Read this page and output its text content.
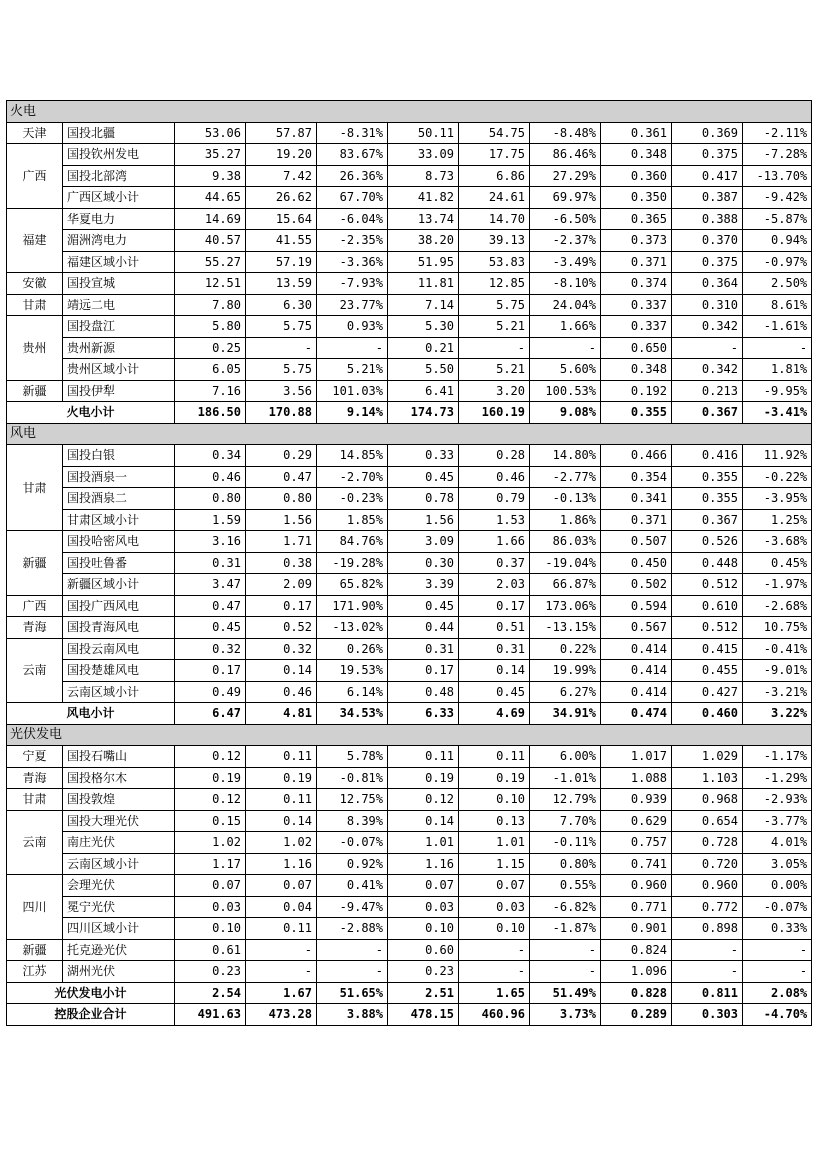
火电										
天津	国投北疆	53.06	57.87	-8.31%	50.11	54.75	-8.48%	0.361	0.369	-2.11%
广西	国投钦州发电	35.27	19.20	83.67%	33.09	17.75	86.46%	0.348	0.375	-7.28%
	国投北部湾	9.38	7.42	26.36%	8.73	6.86	27.29%	0.360	0.417	-13.70%
	广西区域小计	44.65	26.62	67.70%	41.82	24.61	69.97%	0.350	0.387	-9.42%
福建	华夏电力	14.69	15.64	-6.04%	13.74	14.70	-6.50%	0.365	0.388	-5.87%
	湄洲湾电力	40.57	41.55	-2.35%	38.20	39.13	-2.37%	0.373	0.370	0.94%
	福建区域小计	55.27	57.19	-3.36%	51.95	53.83	-3.49%	0.371	0.375	-0.97%
安徽	国投宣城	12.51	13.59	-7.93%	11.81	12.85	-8.10%	0.374	0.364	2.50%
甘肃	靖远二电	7.80	6.30	23.77%	7.14	5.75	24.04%	0.337	0.310	8.61%
贵州	国投盘江	5.80	5.75	0.93%	5.30	5.21	1.66%	0.337	0.342	-1.61%
	贵州新源	0.25	-	-	0.21	-	-	0.650	-	-
	贵州区域小计	6.05	5.75	5.21%	5.50	5.21	5.60%	0.348	0.342	1.81%
新疆	国投伊犁	7.16	3.56	101.03%	6.41	3.20	100.53%	0.192	0.213	-9.95%
火电小计		186.50	170.88	9.14%	174.73	160.19	9.08%	0.355	0.367	-3.41%
风电										
甘肃	国投白银	0.34	0.29	14.85%	0.33	0.28	14.80%	0.466	0.416	11.92%
	国投酒泉一	0.46	0.47	-2.70%	0.45	0.46	-2.77%	0.354	0.355	-0.22%
	国投酒泉二	0.80	0.80	-0.23%	0.78	0.79	-0.13%	0.341	0.355	-3.95%
	甘肃区域小计	1.59	1.56	1.85%	1.56	1.53	1.86%	0.371	0.367	1.25%
新疆	国投哈密风电	3.16	1.71	84.76%	3.09	1.66	86.03%	0.507	0.526	-3.68%
	国投吐鲁番	0.31	0.38	-19.28%	0.30	0.37	-19.04%	0.450	0.448	0.45%
	新疆区域小计	3.47	2.09	65.82%	3.39	2.03	66.87%	0.502	0.512	-1.97%
广西	国投广西风电	0.47	0.17	171.90%	0.45	0.17	173.06%	0.594	0.610	-2.68%
青海	国投青海风电	0.45	0.52	-13.02%	0.44	0.51	-13.15%	0.567	0.512	10.75%
云南	国投云南风电	0.32	0.32	0.26%	0.31	0.31	0.22%	0.414	0.415	-0.41%
	国投楚雄风电	0.17	0.14	19.53%	0.17	0.14	19.99%	0.414	0.455	-9.01%
	云南区域小计	0.49	0.46	6.14%	0.48	0.45	6.27%	0.414	0.427	-3.21%
风电小计		6.47	4.81	34.53%	6.33	4.69	34.91%	0.474	0.460	3.22%
光伏发电										
宁夏	国投石嘴山	0.12	0.11	5.78%	0.11	0.11	6.00%	1.017	1.029	-1.17%
青海	国投格尔木	0.19	0.19	-0.81%	0.19	0.19	-1.01%	1.088	1.103	-1.29%
甘肃	国投敦煌	0.12	0.11	12.75%	0.12	0.10	12.79%	0.939	0.968	-2.93%
云南	国投大理光伏	0.15	0.14	8.39%	0.14	0.13	7.70%	0.629	0.654	-3.77%
	南庄光伏	1.02	1.02	-0.07%	1.01	1.01	-0.11%	0.757	0.728	4.01%
	云南区域小计	1.17	1.16	0.92%	1.16	1.15	0.80%	0.741	0.720	3.05%
四川	会理光伏	0.07	0.07	0.41%	0.07	0.07	0.55%	0.960	0.960	0.00%
	冕宁光伏	0.03	0.04	-9.47%	0.03	0.03	-6.82%	0.771	0.772	-0.07%
	四川区域小计	0.10	0.11	-2.88%	0.10	0.10	-1.87%	0.901	0.898	0.33%
新疆	托克逊光伏	0.61	-	-	0.60	-	-	0.824	-	-
江苏	湖州光伏	0.23	-	-	0.23	-	-	1.096	-	-
光伏发电小计		2.54	1.67	51.65%	2.51	1.65	51.49%	0.828	0.811	2.08%
控股企业合计		491.63	473.28	3.88%	478.15	460.96	3.73%	0.289	0.303	-4.70%
